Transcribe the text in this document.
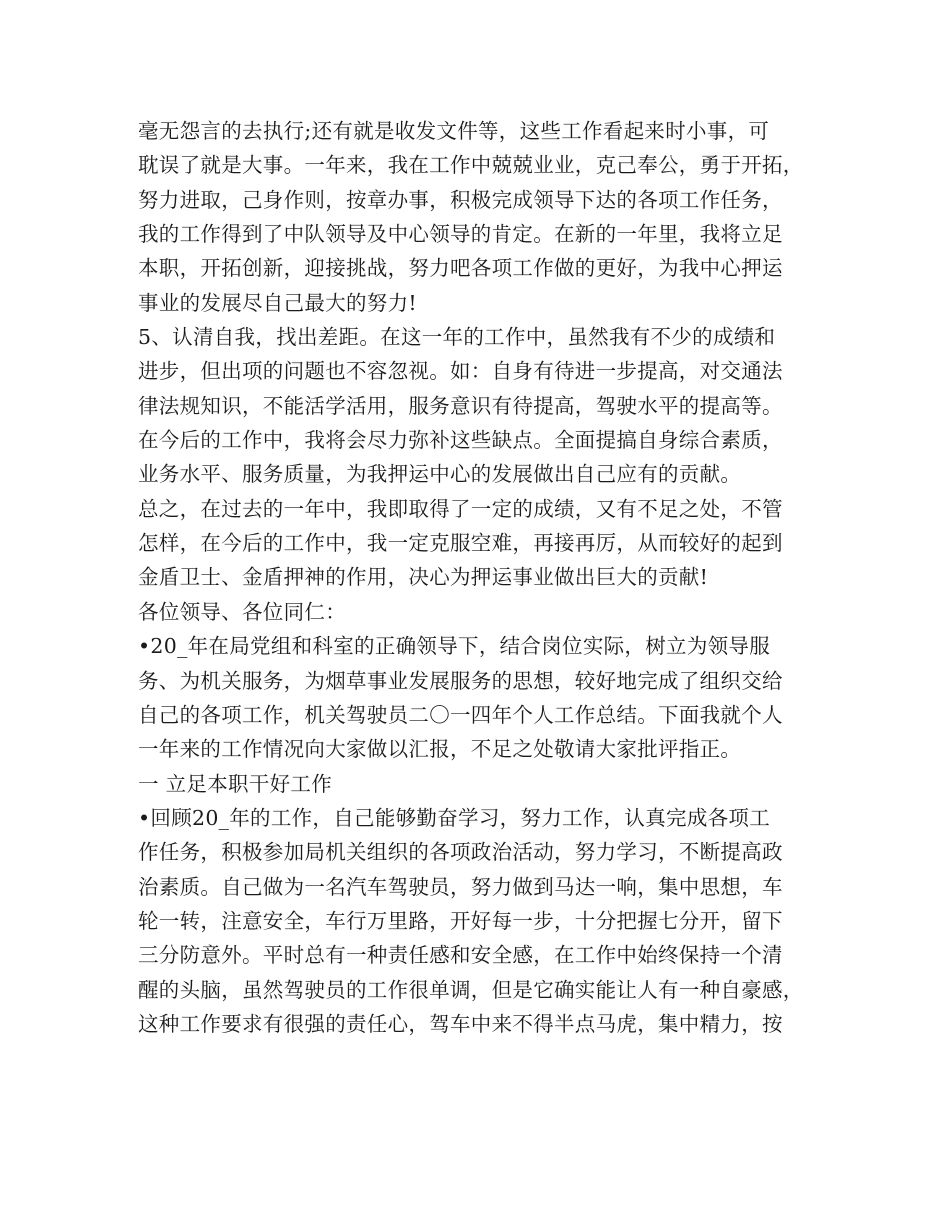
毫无怨言的去执行;还有就是收发文件等，这些工作看起来时小事，可
耽误了就是大事。一年来，我在工作中兢兢业业，克己奉公，勇于开拓，
努力进取，己身作则，按章办事，积极完成领导下达的各项工作任务，
我的工作得到了中队领导及中心领导的肯定。在新的一年里，我将立足
本职，开拓创新，迎接挑战，努力吧各项工作做的更好，为我中心押运
事业的发展尽自己最大的努力!
5、认清自我，找出差距。在这一年的工作中，虽然我有不少的成绩和
进步，但出项的问题也不容忽视。如：自身有待进一步提高，对交通法
律法规知识，不能活学活用，服务意识有待提高，驾驶水平的提高等。
在今后的工作中，我将会尽力弥补这些缺点。全面提搞自身综合素质，
业务水平、服务质量，为我押运中心的发展做出自己应有的贡献。
总之，在过去的一年中，我即取得了一定的成绩，又有不足之处，不管
怎样，在今后的工作中，我一定克服空难，再接再厉，从而较好的起到
金盾卫士、金盾押神的作用，决心为押运事业做出巨大的贡献!
各位领导、各位同仁：
•20_年在局党组和科室的正确领导下，结合岗位实际，树立为领导服
务、为机关服务，为烟草事业发展服务的思想，较好地完成了组织交给
自己的各项工作，机关驾驶员二〇一四年个人工作总结。下面我就个人
一年来的工作情况向大家做以汇报，不足之处敬请大家批评指正。
一 立足本职干好工作
•回顾20_年的工作，自己能够勤奋学习，努力工作，认真完成各项工
作任务，积极参加局机关组织的各项政治活动，努力学习，不断提高政
治素质。自己做为一名汽车驾驶员，努力做到马达一响，集中思想，车
轮一转，注意安全，车行万里路，开好每一步，十分把握七分开，留下
三分防意外。平时总有一种责任感和安全感，在工作中始终保持一个清
醒的头脑，虽然驾驶员的工作很单调，但是它确实能让人有一种自豪感，
这种工作要求有很强的责任心，驾车中来不得半点马虎，集中精力，按
